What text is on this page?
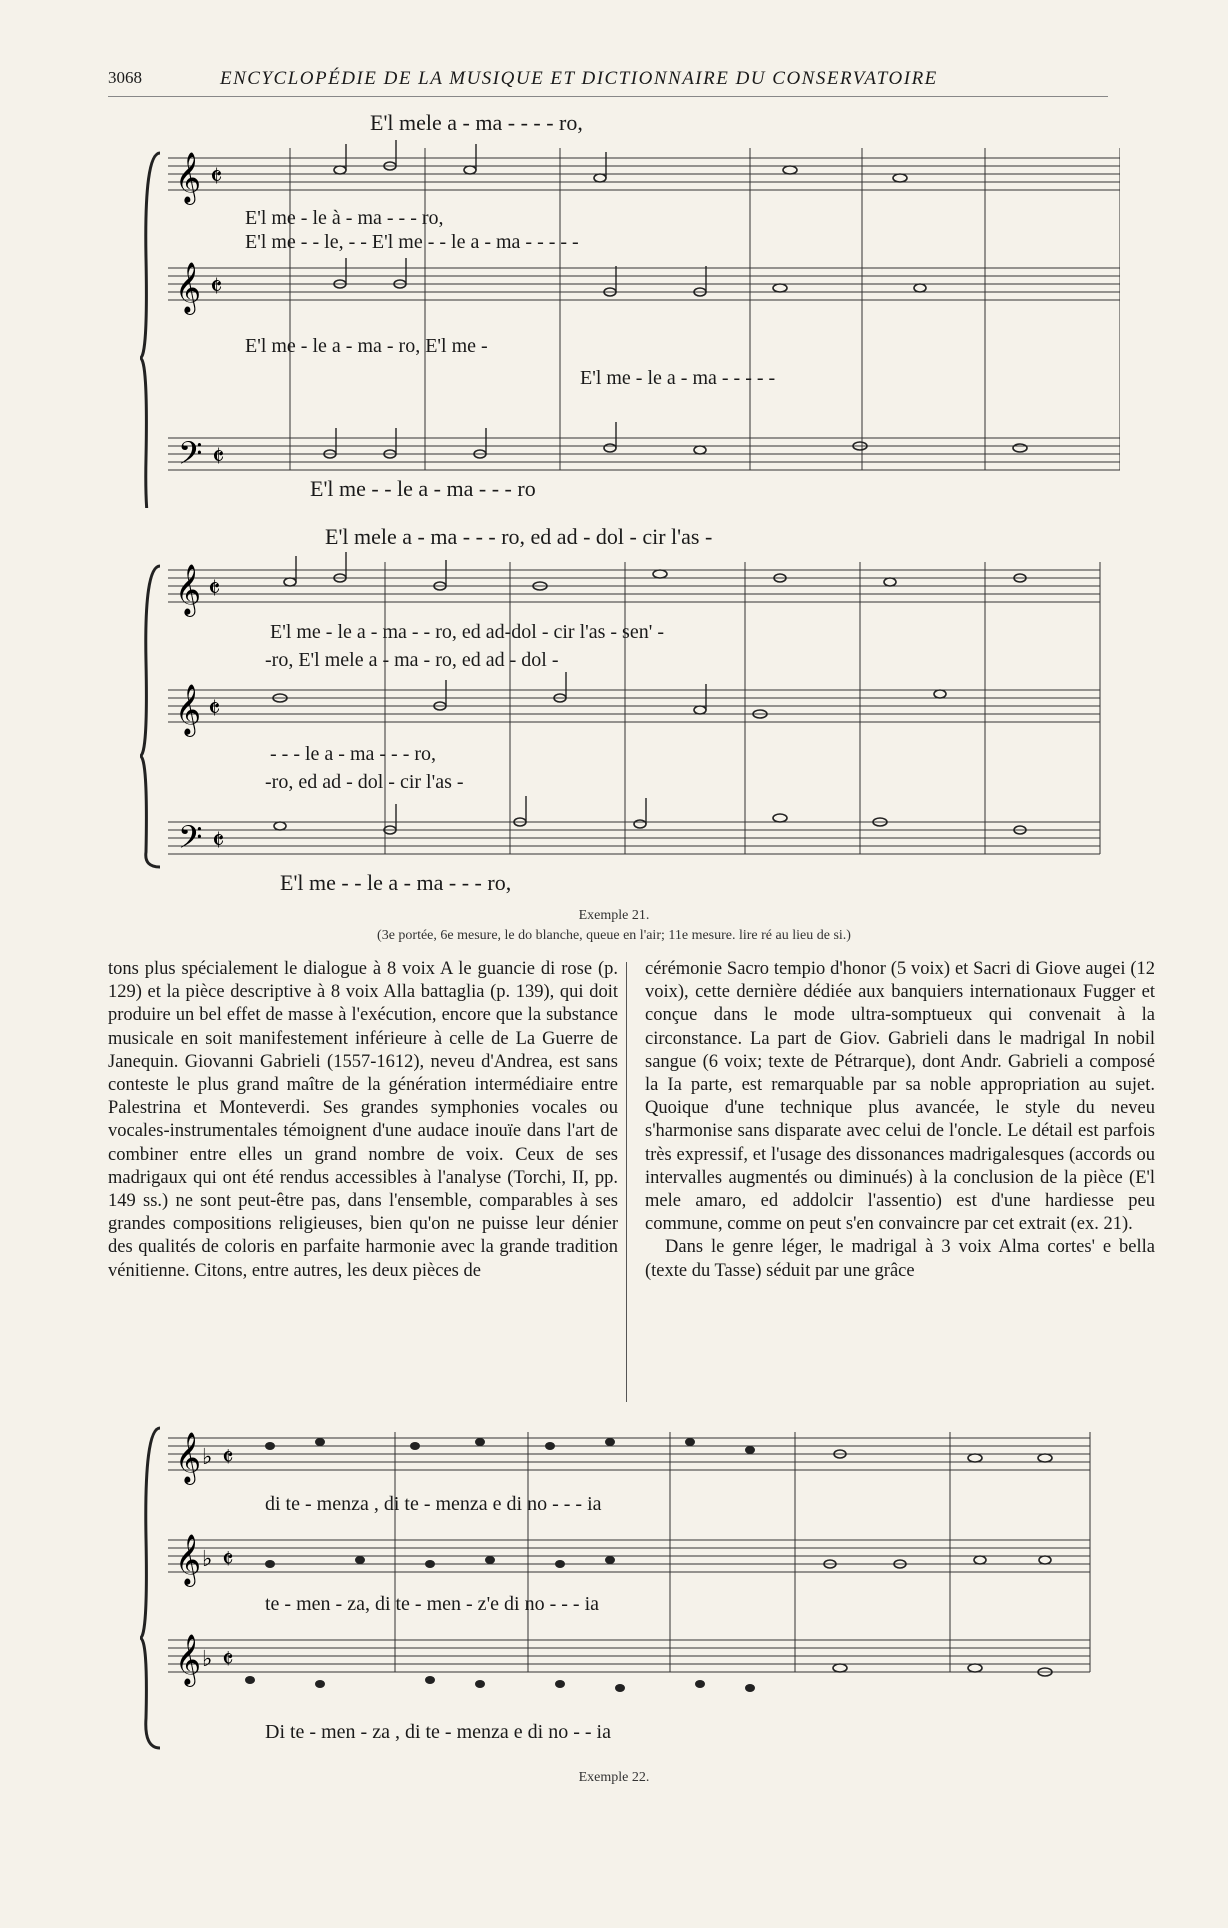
3068	ENCYCLOPÉDIE DE LA MUSIQUE ET DICTIONNAIRE DU CONSERVATOIRE
E'l mele a - ma - - - - ro,
𝄞 𝄵
𝄞 𝄵
𝄢 𝄵
E'l me - le à - ma - - - ro,
E'l me - - le, - - E'l me - - le a - ma - - - - -
E'l me - le a - ma - ro, E'l me -
E'l me - le a - ma - - - - -
E'l me - - le a - ma - - - ro
E'l mele a - ma - - - ro, ed ad - dol - cir l'as -
𝄞 𝄵
𝄞 𝄵
𝄢 𝄵
E'l me - le a - ma - - ro, ed ad-dol - cir l'as - sen' -
-ro, E'l mele a - ma - ro, ed ad - dol -
- - - le a - ma - - - ro,
-ro, ed ad - dol - cir l'as -
E'l me - - le a - ma - - - ro,
Exemple 21.
(3e portée, 6e mesure, le do blanche, queue en l'air; 11e mesure. lire ré au lieu de si.)

tons plus spécialement le dialogue à 8 voix A le guancie di rose (p. 129) et la pièce descriptive à 8 voix Alla battaglia (p. 139), qui doit produire un bel effet de masse à l'exécution, encore que la substance musicale en soit manifestement inférieure à celle de La Guerre de Janequin. Giovanni Gabrieli (1557-1612), neveu d'Andrea, est sans conteste le plus grand maître de la génération intermédiaire entre Palestrina et Monteverdi. Ses grandes symphonies vocales ou vocales-instrumentales témoignent d'une audace inouïe dans l'art de combiner entre elles un grand nombre de voix. Ceux de ses madrigaux qui ont été rendus accessibles à l'analyse (Torchi, II, pp. 149 ss.) ne sont peut-être pas, dans l'ensemble, comparables à ses grandes compositions religieuses, bien qu'on ne puisse leur dénier des qualités de coloris en parfaite harmonie avec la grande tradition vénitienne. Citons, entre autres, les deux pièces de

cérémonie Sacro tempio d'honor (5 voix) et Sacri di Giove augei (12 voix), cette dernière dédiée aux banquiers internationaux Fugger et conçue dans le mode ultra-somptueux qui convenait à la circonstance. La part de Giov. Gabrieli dans le madrigal In nobil sangue (6 voix; texte de Pétrarque), dont Andr. Gabrieli a composé la Ia parte, est remarquable par sa noble appropriation au sujet. Quoique d'une technique plus avancée, le style du neveu s'harmonise sans disparate avec celui de l'oncle. Le détail est parfois très expressif, et l'usage des dissonances madrigalesques (accords ou intervalles augmentés ou diminués) à la conclusion de la pièce (E'l mele amaro, ed addolcir l'assentio) est d'une hardiesse peu commune, comme on peut s'en convaincre par cet extrait (ex. 21).

Dans le genre léger, le madrigal à 3 voix Alma cortes' e bella (texte du Tasse) séduit par une grâce

𝄞 ♭ 𝄵
𝄞 ♭ 𝄵
𝄞 ♭ 𝄵
di te - menza , di te - menza e di no - - - ia
te - men - za, di te - men - z'e di no - - - ia
Di te - men - za , di te - menza e di no - - ia
Exemple 22.
